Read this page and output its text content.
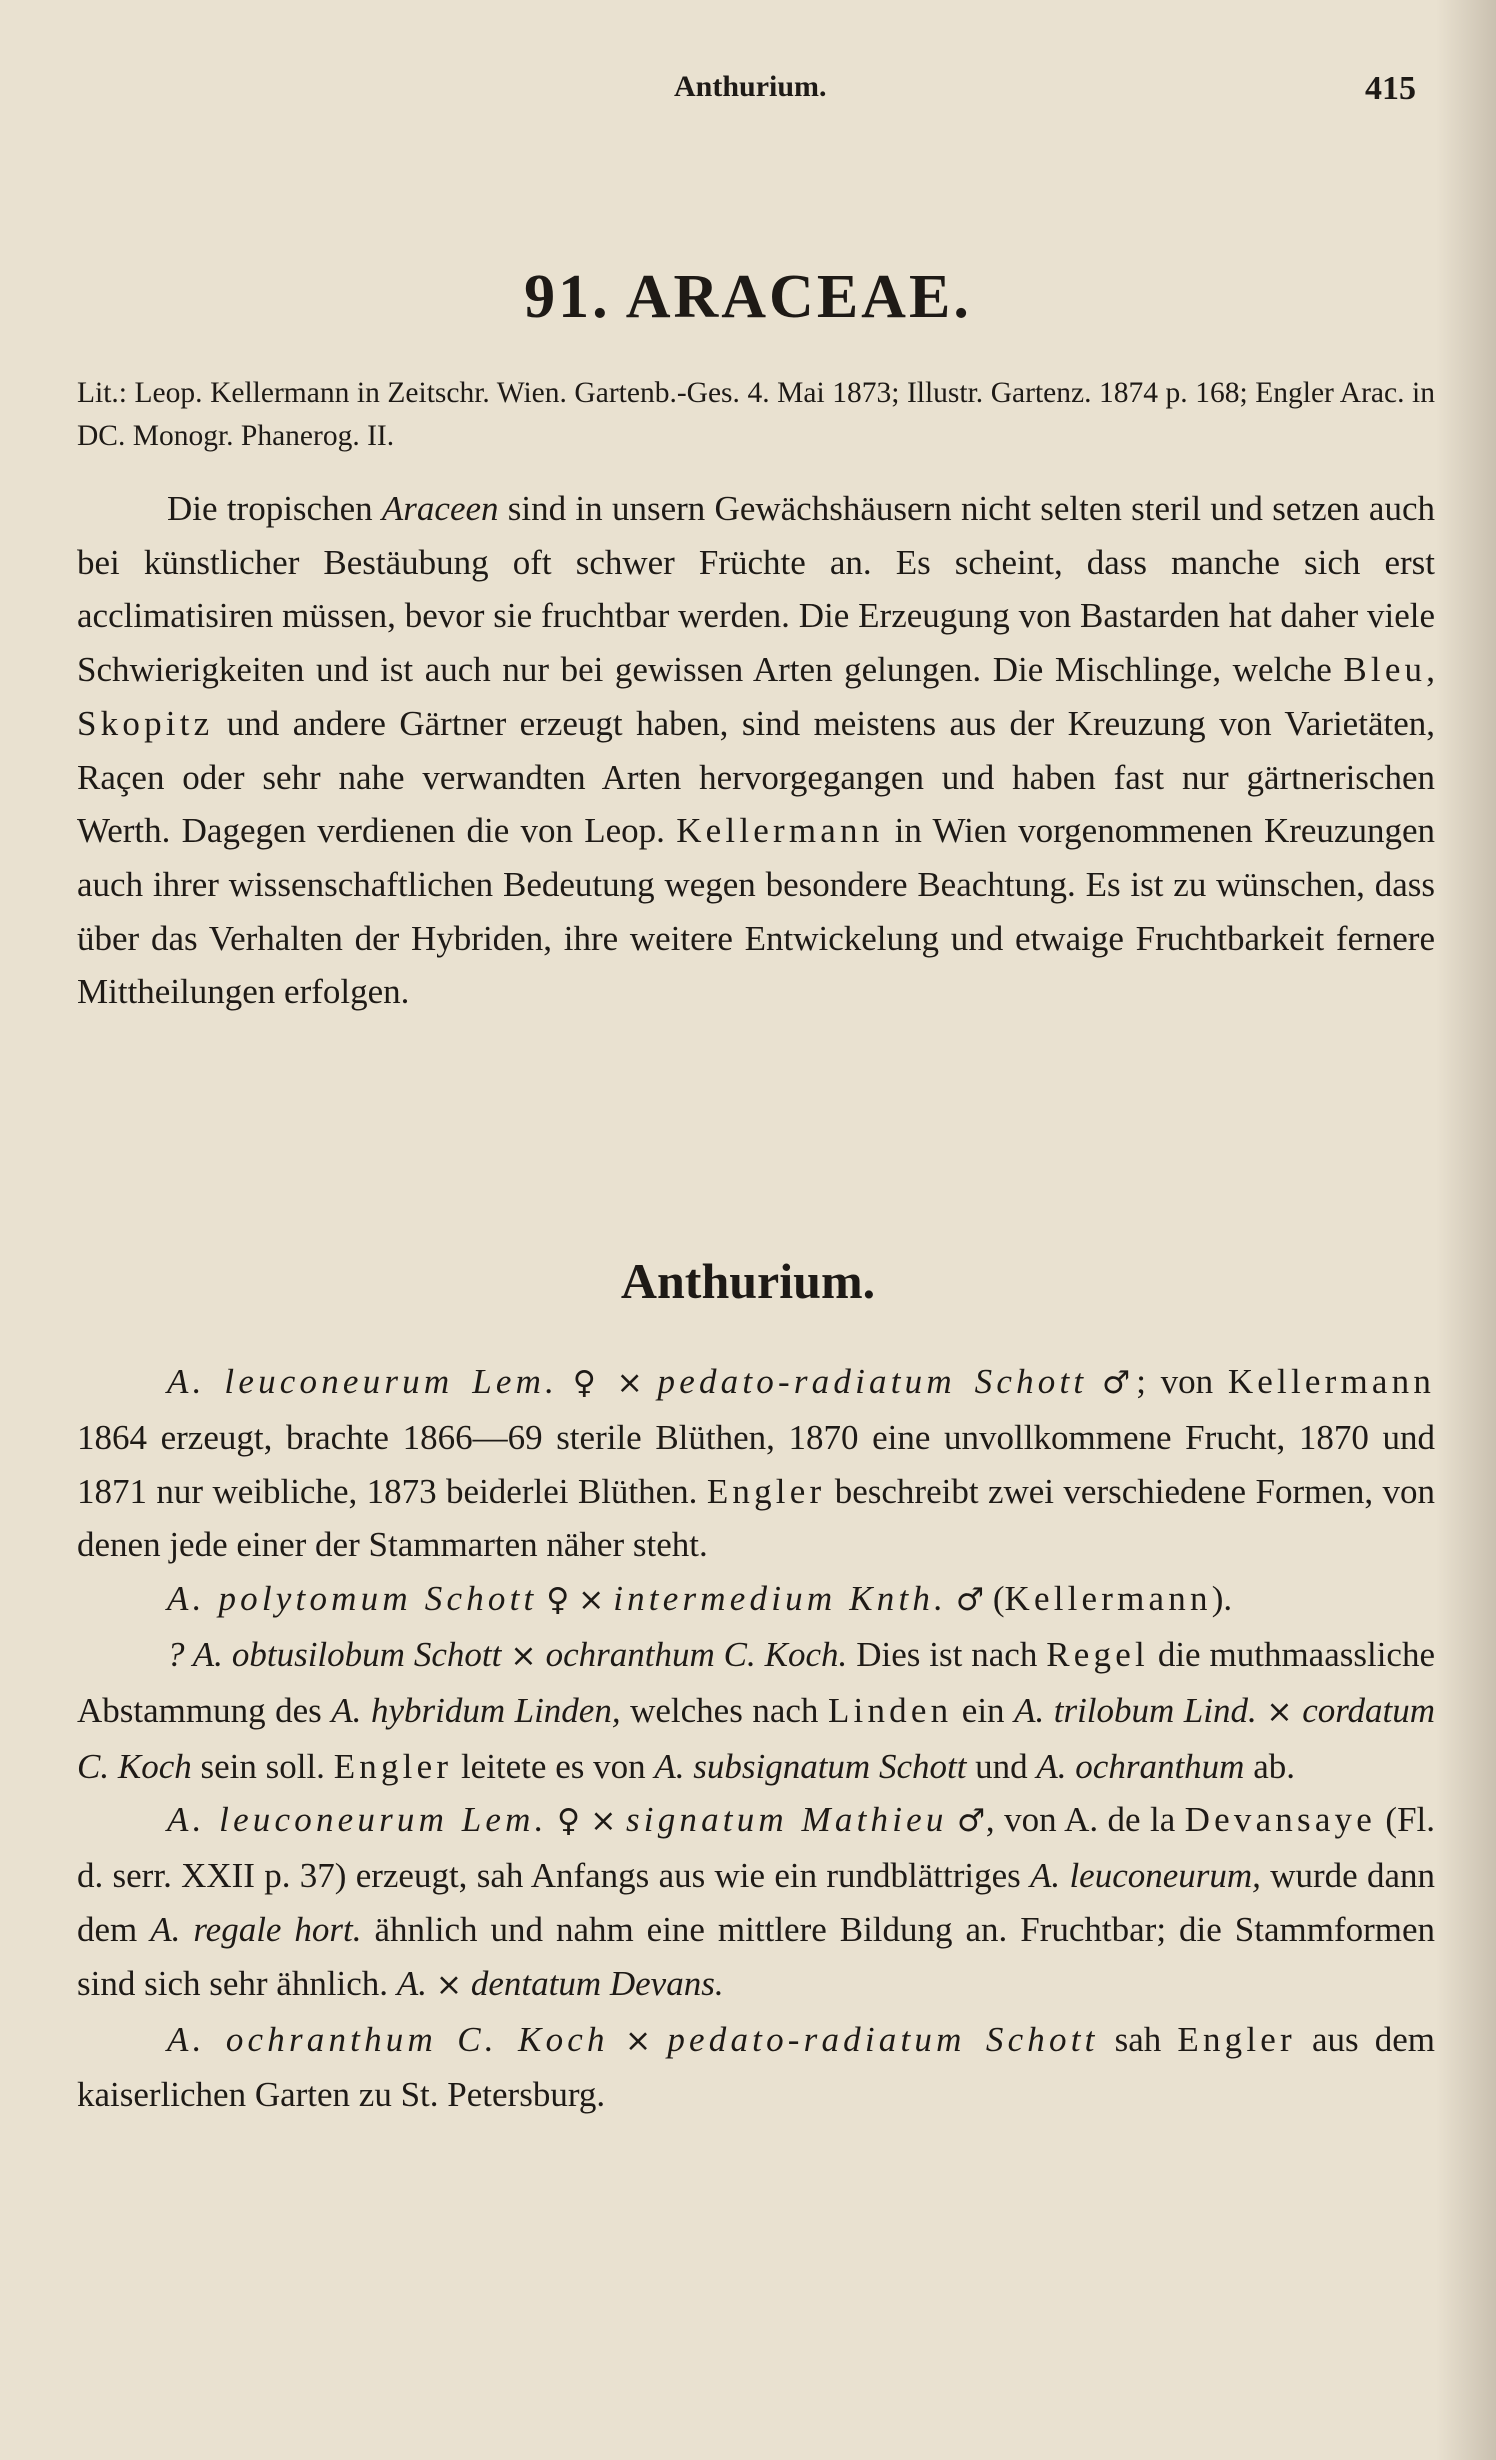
Anthurium.	415
91. ARACEAE.

Lit.: Leop. Kellermann in Zeitschr. Wien. Gartenb.-Ges. 4. Mai 1873; Illustr. Gartenz. 1874 p. 168; Engler Arac. in DC. Monogr. Phanerog. II.

Die tropischen Araceen sind in unsern Gewächshäusern nicht selten steril und setzen auch bei künstlicher Bestäubung oft schwer Früchte an. Es scheint, dass manche sich erst acclimatisiren müssen, bevor sie fruchtbar werden. Die Erzeugung von Bastarden hat daher viele Schwierigkeiten und ist auch nur bei gewissen Arten gelungen. Die Mischlinge, welche Bleu, Skopitz und andere Gärtner erzeugt haben, sind meistens aus der Kreuzung von Varietäten, Raçen oder sehr nahe verwandten Arten hervorgegangen und haben fast nur gärtnerischen Werth. Dagegen verdienen die von Leop. Kellermann in Wien vorgenommenen Kreuzungen auch ihrer wissenschaftlichen Bedeutung wegen besondere Beachtung. Es ist zu wünschen, dass über das Verhalten der Hybriden, ihre weitere Entwickelung und etwaige Fruchtbarkeit fernere Mittheilungen erfolgen.

Anthurium.

A. leuconeurum Lem. ♀ × pedato-radiatum Schott ♂; von Kellermann 1864 erzeugt, brachte 1866—69 sterile Blüthen, 1870 eine unvollkommene Frucht, 1870 und 1871 nur weibliche, 1873 beiderlei Blüthen. Engler beschreibt zwei verschiedene Formen, von denen jede einer der Stammarten näher steht.

A. polytomum Schott ♀ × intermedium Knth. ♂ (Kellermann).

? A. obtusilobum Schott × ochranthum C. Koch. Dies ist nach Regel die muthmaassliche Abstammung des A. hybridum Linden, welches nach Linden ein A. trilobum Lind. × cordatum C. Koch sein soll. Engler leitete es von A. subsignatum Schott und A. ochranthum ab.

A. leuconeurum Lem. ♀ × signatum Mathieu ♂, von A. de la Devansaye (Fl. d. serr. XXII p. 37) erzeugt, sah Anfangs aus wie ein rundblättriges A. leuconeurum, wurde dann dem A. regale hort. ähnlich und nahm eine mittlere Bildung an. Fruchtbar; die Stammformen sind sich sehr ähnlich. A. × dentatum Devans.

A. ochranthum C. Koch × pedato-radiatum Schott sah Engler aus dem kaiserlichen Garten zu St. Petersburg.
